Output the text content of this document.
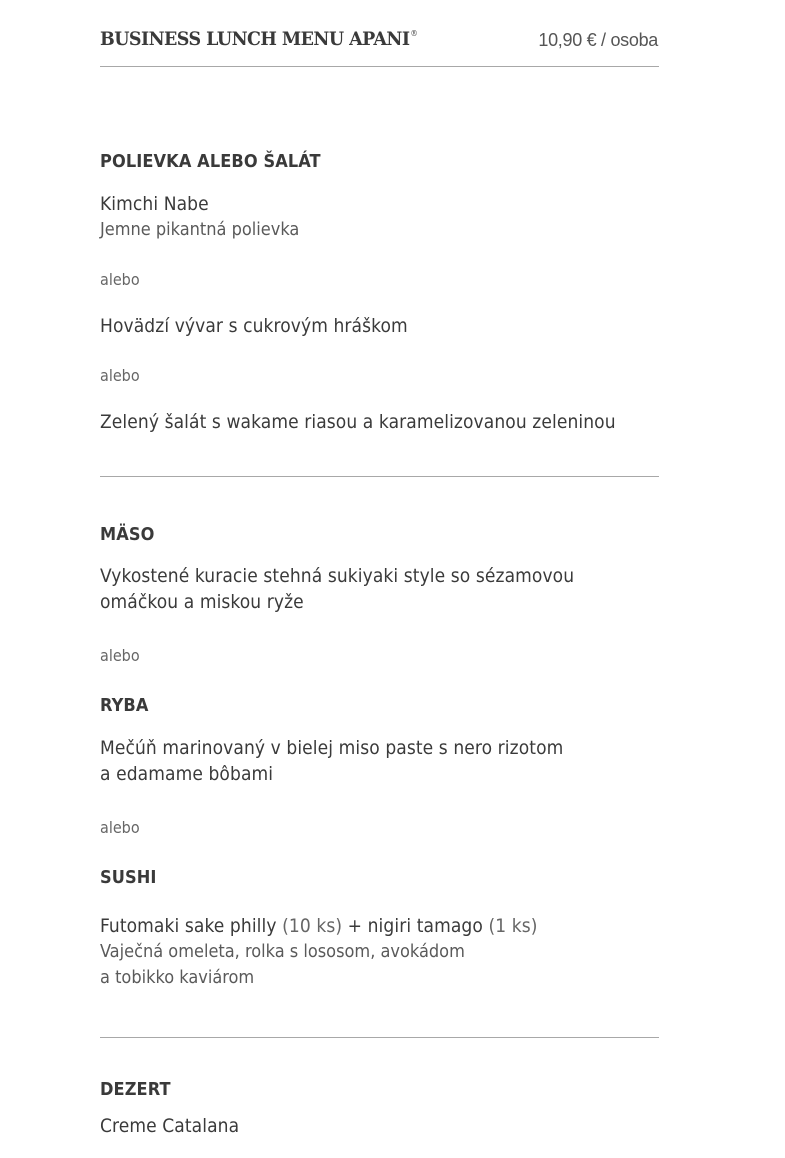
BUSINESS LUNCH MENU APANI®	10,90 € / osoba
POLIEVKA ALEBO ŠALÁT
Kimchi Nabe
Jemne pikantná polievka
alebo
Hovädzí vývar s cukrovým hráškom
alebo
Zelený šalát s wakame riasou a karamelizovanou zeleninou
MÄSO
Vykostené kuracie stehná sukiyaki style so sézamovou
omáčkou a miskou ryže
alebo
RYBA
Mečúň marinovaný v bielej miso paste s nero rizotom
a edamame bôbami
alebo
SUSHI
Futomaki sake philly (10 ks) + nigiri tamago (1 ks)
Vaječná omeleta, rolka s lososom, avokádom
a tobikko kaviárom
DEZERT
Creme Catalana
